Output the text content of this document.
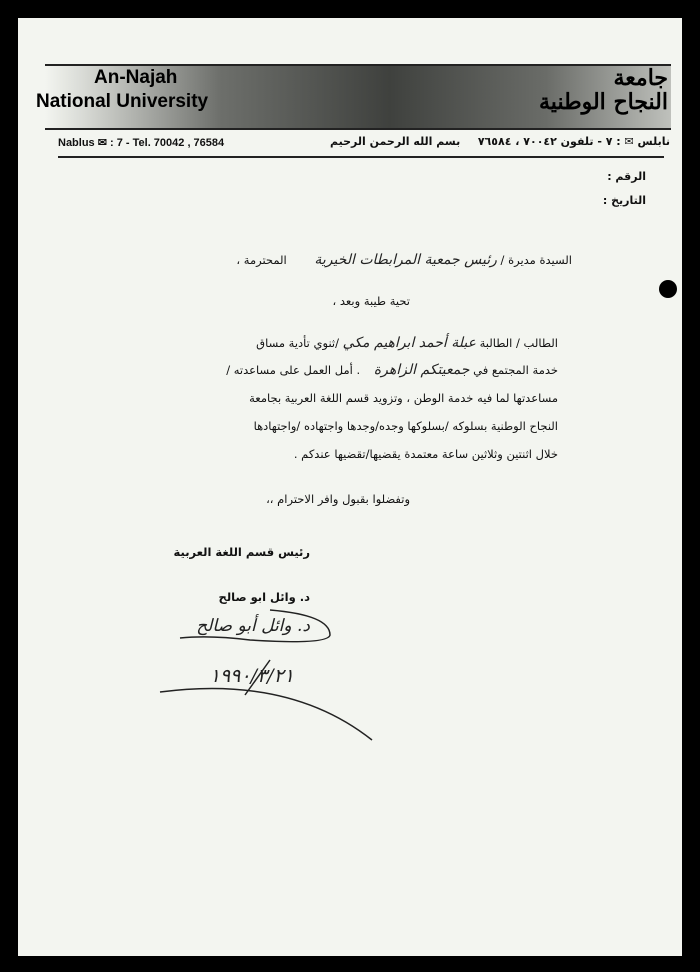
An-Najah
National University
جامعة
النجاح الوطنية
Nablus ✉ : 7 - Tel. 70042 , 76584	بسم الله الرحمن الرحيم نابلس ✉ : ٧ - تلفون ٧٠٠٤٢ ، ٧٦٥٨٤
الرقم :
التاريخ :
السيدة مديرة / رئيس جمعية المرابطات الخيرية المحترمة ،
تحية طيبة وبعد ،
الطالب / الطالبة عبلة أحمد ابراهيم مكي /ثنوي تأدية مساق
خدمة المجتمع في جمعيتكم الزاهرة . أمل العمل على مساعدته /
مساعدتها لما فيه خدمة الوطن ، وتزويد قسم اللغة العربية بجامعة
النجاح الوطنية بسلوكه /بسلوكها وجده/وجدها واجتهاده /واجتهادها
خلال اثنتين وثلاثين ساعة معتمدة يقضيها/تقضيها عندكم .
وتفضلوا بقبول وافر الاحترام ،،
رئيس قسم اللغة العربية
د. وائل ابو صالح
د. وائل أبو صالح
١٩٩٠/٣/٢١
